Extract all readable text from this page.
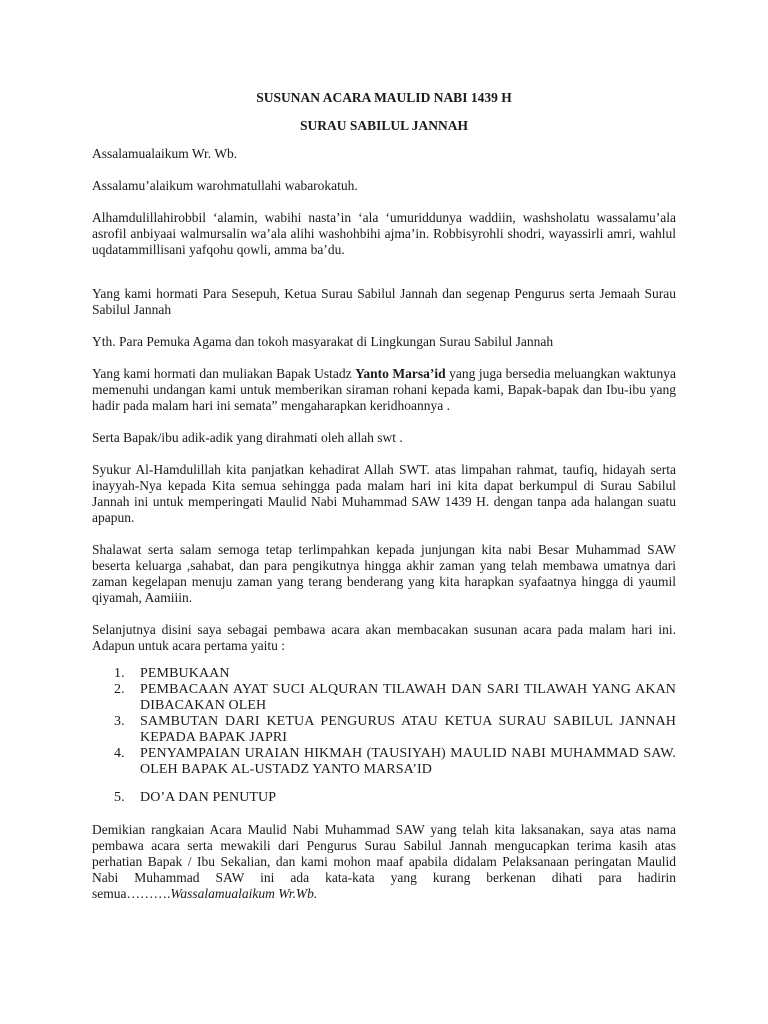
SUSUNAN ACARA MAULID NABI 1439 H
SURAU SABILUL JANNAH

Assalamualaikum Wr. Wb.

Assalamu’alaikum warohmatullahi wabarokatuh.

Alhamdulillahirobbil ‘alamin, wabihi nasta’in ‘ala ‘umuriddunya waddiin, washsholatu wassalamu’ala asrofil anbiyaai walmursalin wa’ala alihi washohbihi ajma’in. Robbisyrohli shodri, wayassirli amri, wahlul uqdatammillisani yafqohu qowli, amma ba’du.

Yang kami hormati Para Sesepuh, Ketua Surau Sabilul Jannah dan segenap Pengurus serta Jemaah Surau Sabilul Jannah

Yth. Para Pemuka Agama dan tokoh masyarakat di Lingkungan Surau Sabilul Jannah

Yang kami hormati dan muliakan Bapak Ustadz Yanto Marsa’id yang juga bersedia meluangkan waktunya memenuhi undangan kami untuk memberikan siraman rohani kepada kami, Bapak-bapak dan Ibu-ibu yang hadir pada malam hari ini semata” mengaharapkan keridhoannya .

Serta Bapak/ibu adik-adik yang dirahmati oleh allah swt .

Syukur Al-Hamdulillah kita panjatkan kehadirat Allah SWT. atas limpahan rahmat, taufiq, hidayah serta inayyah-Nya kepada Kita semua sehingga pada malam hari ini kita dapat berkumpul di Surau Sabilul Jannah ini untuk memperingati Maulid Nabi Muhammad SAW 1439 H. dengan tanpa ada halangan suatu apapun.

Shalawat serta salam semoga tetap terlimpahkan kepada junjungan kita nabi Besar Muhammad SAW beserta keluarga ,sahabat, dan para pengikutnya hingga akhir zaman yang telah membawa umatnya dari zaman kegelapan menuju zaman yang terang benderang yang kita harapkan syafaatnya hingga di yaumil qiyamah, Aamiiin.

Selanjutnya disini saya sebagai pembawa acara akan membacakan susunan acara pada malam hari ini. Adapun untuk acara pertama yaitu :

1. PEMBUKAAN
2. PEMBACAAN AYAT SUCI ALQURAN TILAWAH DAN SARI TILAWAH YANG AKAN DIBACAKAN OLEH
3. SAMBUTAN DARI KETUA PENGURUS ATAU KETUA SURAU SABILUL JANNAH KEPADA BAPAK JAPRI
4. PENYAMPAIAN URAIAN HIKMAH (TAUSIYAH) MAULID NABI MUHAMMAD SAW. OLEH BAPAK AL-USTADZ YANTO MARSA’ID
5. DO’A DAN PENUTUP

Demikian rangkaian Acara Maulid Nabi Muhammad SAW yang telah kita laksanakan, saya atas nama pembawa acara serta mewakili dari Pengurus Surau Sabilul Jannah mengucapkan terima kasih atas perhatian Bapak / Ibu Sekalian, dan kami mohon maaf apabila didalam Pelaksanaan peringatan Maulid Nabi Muhammad SAW ini ada kata-kata yang kurang berkenan dihati para hadirin semua……….Wassalamualaikum Wr.Wb.
